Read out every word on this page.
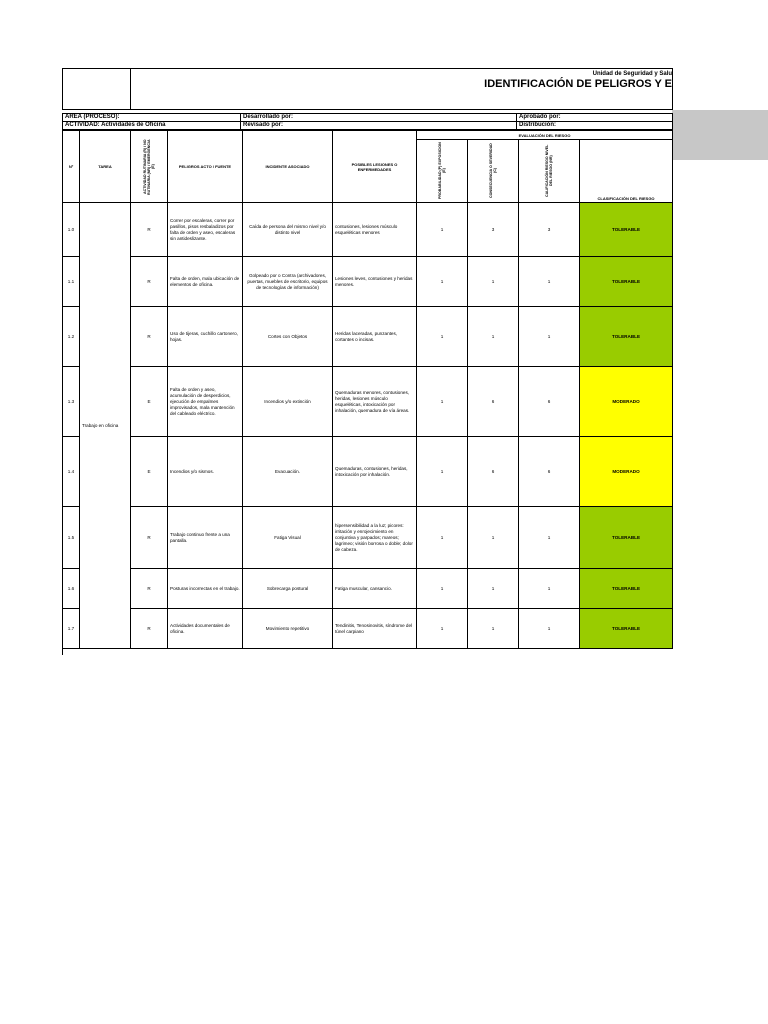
Unidad de Seguridad y Salu
IDENTIFICACIÓN DE PELIGROS Y E
ÁREA (PROCESO):	Desarrollado por:	Aprobado por:
ACTIVIDAD: Actividades de Oficina	Revisado por:	Distribución:
Nº	TAREA	ACTIVIDAD RUTINARIA (R) / NO RUTINARIA (NR) / EMERGENCIA (E)	PELIGROS ACTO / FUENTE	INCIDENTE ASOCIADO	POSIBLES LESIONES O ENFERMEDADES	EVALUACIÓN DEL RIESGO			

						PROBABILIDAD (P) EXPOSICION (E)	CONSECUENCIA O SEVERIDAD (C)	CALIFICACIÓN RIESGO NIVEL DEL RIESGO (NR)	CLASIFICACIÓN DEL RIESGO
1.0	Trabajo en oficina	R	Correr por escaleras, correr por pasillos, pisos resbaladizos por falta de orden y aseo, escaleras sin antideslizante.	Caída de persona del mismo nivel y/o distinto nivel	contusiones, lesiones músculo esqueléticas menores	1	3	3	TOLERABLE
1.1		R	Falta de orden, mala ubicación de elementos de oficina.	Golpeado por o Contra (archivadores, puertas, muebles de escritorio, equipos de tecnologías de información)	Lesiones leves, contusiones y heridas menores.	1	1	1	TOLERABLE
1.2		R	Uso de tijeras, cuchillo cartonero, hojas.	Cortes con Objetos	Heridas laceradas, punzantes, cortantes o incisas.	1	1	1	TOLERABLE
1.3		E	Falta de orden y aseo, acumulación de desperdicios, ejecución de empalmes improvisados, mala mantención del cableado eléctrico.	Incendios y/o extinción	Quemaduras menores, contusiones, heridas, lesiones músculo esqueléticas, intoxicación por inhalación, quemadura de vía áreas.	1	6	6	MODERADO
1.4		E	Incendios y/o sismos.	Evacuación.	Quemaduras, contusiones, heridas, intoxicación por inhalación.	1	6	6	MODERADO
1.5		R	Trabajo continuo frente a una pantalla.	Fatiga Visual	hipersensibilidad a la luz; picores: irritación y enrojecimiento en conjuntiva y parpados; mareos; lagrimeo; visión borrosa o doble; dolor de cabeza.	1	1	1	TOLERABLE
1.6		R	Posturas incorrectas en el trabajo.	Sobrecarga postural	Fatiga muscular, cansancio.	1	1	1	TOLERABLE
1.7		R	Actividades documentales de oficina.	Movimiento repetitivo	Tendinitis, Tenosinovitis, síndrome del túnel carpiano	1	1	1	TOLERABLE
